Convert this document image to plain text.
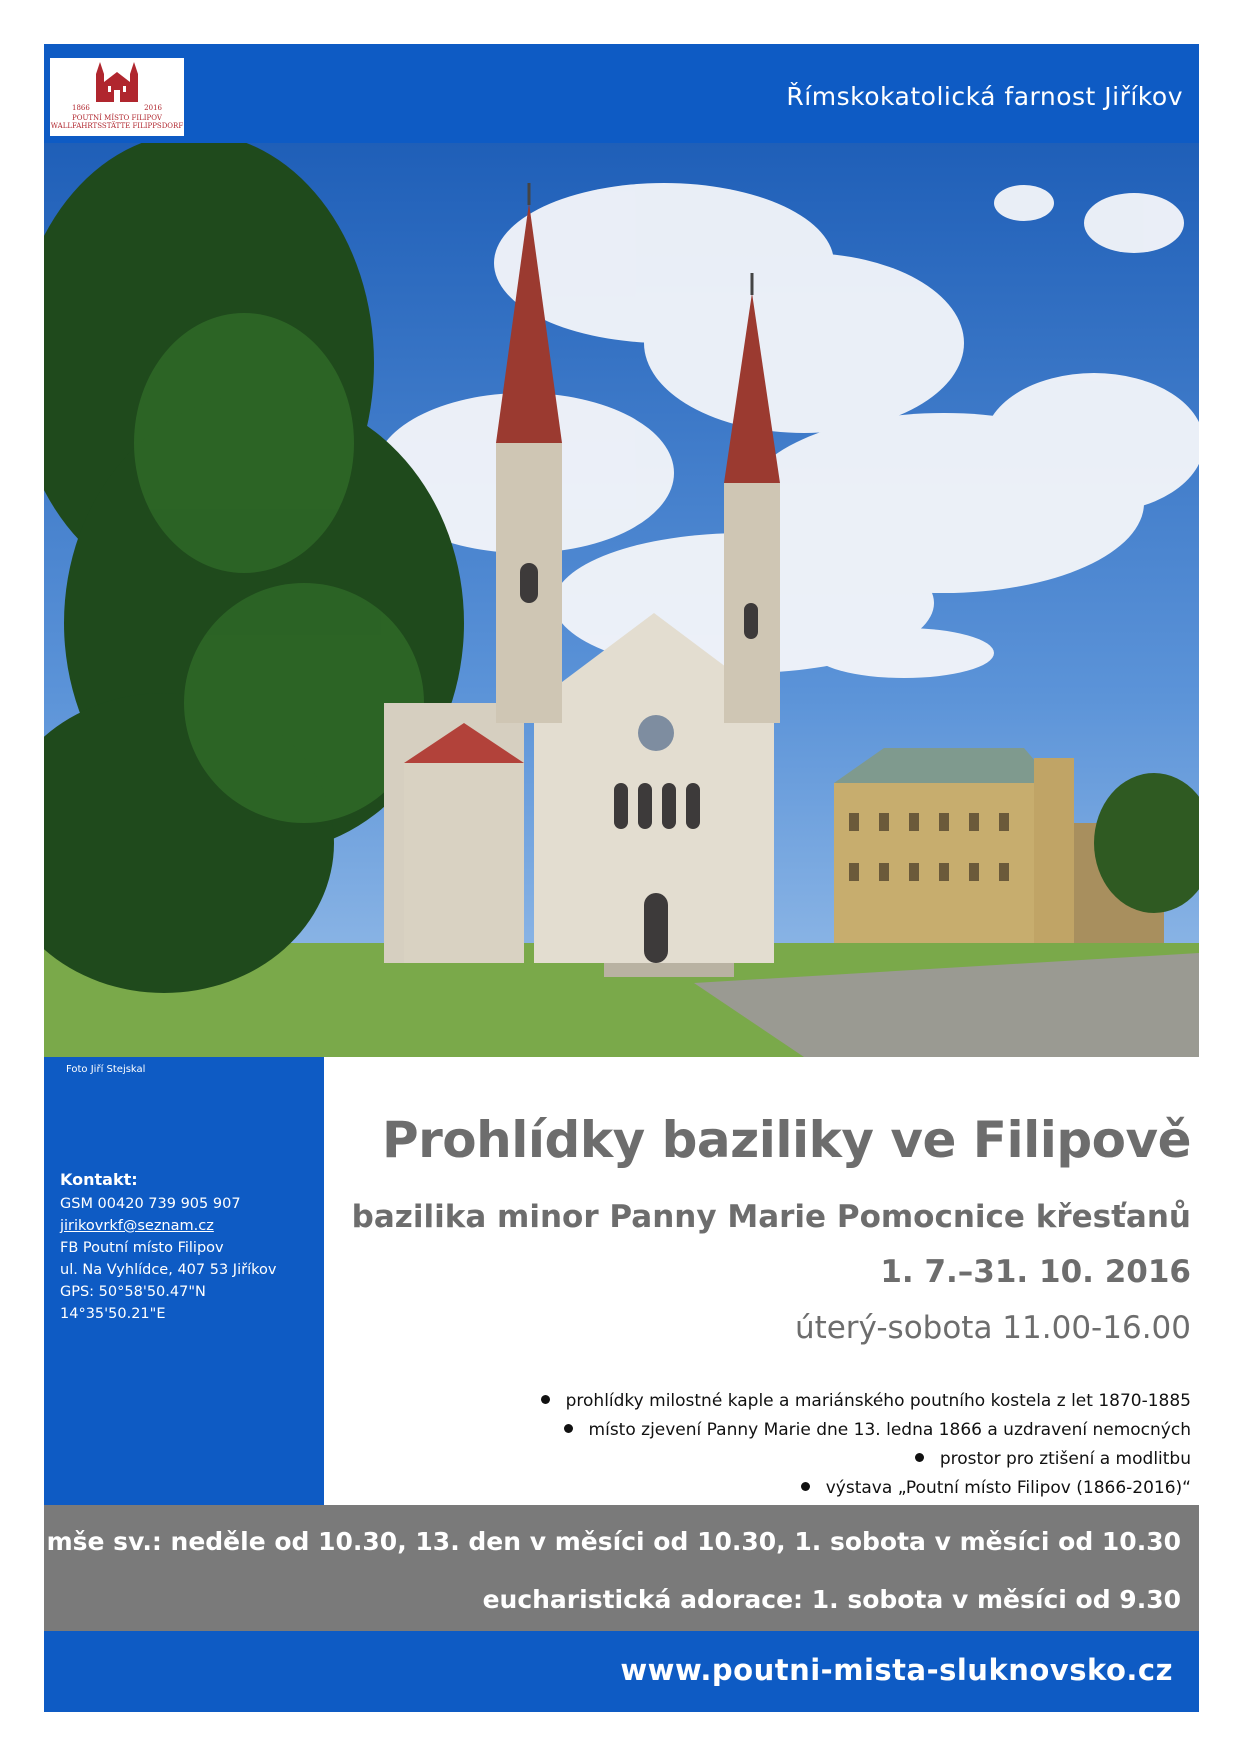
1866	2016
POUTNÍ MÍSTO FILIPOV
WALLFAHRTSSTÄTTE FILIPPSDORF
Římskokatolická farnost Jiříkov
Foto Jiří Stejskal
Kontakt:
GSM 00420 739 905 907
jirikovrkf@seznam.cz
FB Poutní místo Filipov
ul. Na Vyhlídce, 407 53 Jiříkov
GPS: 50°58'50.47"N
14°35'50.21"E
Prohlídky baziliky ve Filipově
bazilika minor Panny Marie Pomocnice křesťanů
1. 7.–31. 10. 2016
úterý-sobota 11.00-16.00
prohlídky milostné kaple a mariánského poutního kostela z let 1870-1885
místo zjevení Panny Marie dne 13. ledna 1866 a uzdravení nemocných
prostor pro ztišení a modlitbu
výstava „Poutní místo Filipov (1866-2016)“
mše sv.: neděle od 10.30, 13. den v měsíci od 10.30, 1. sobota v měsíci od 10.30
eucharistická adorace: 1. sobota v měsíci od 9.30
www.poutni-mista-sluknovsko.cz
